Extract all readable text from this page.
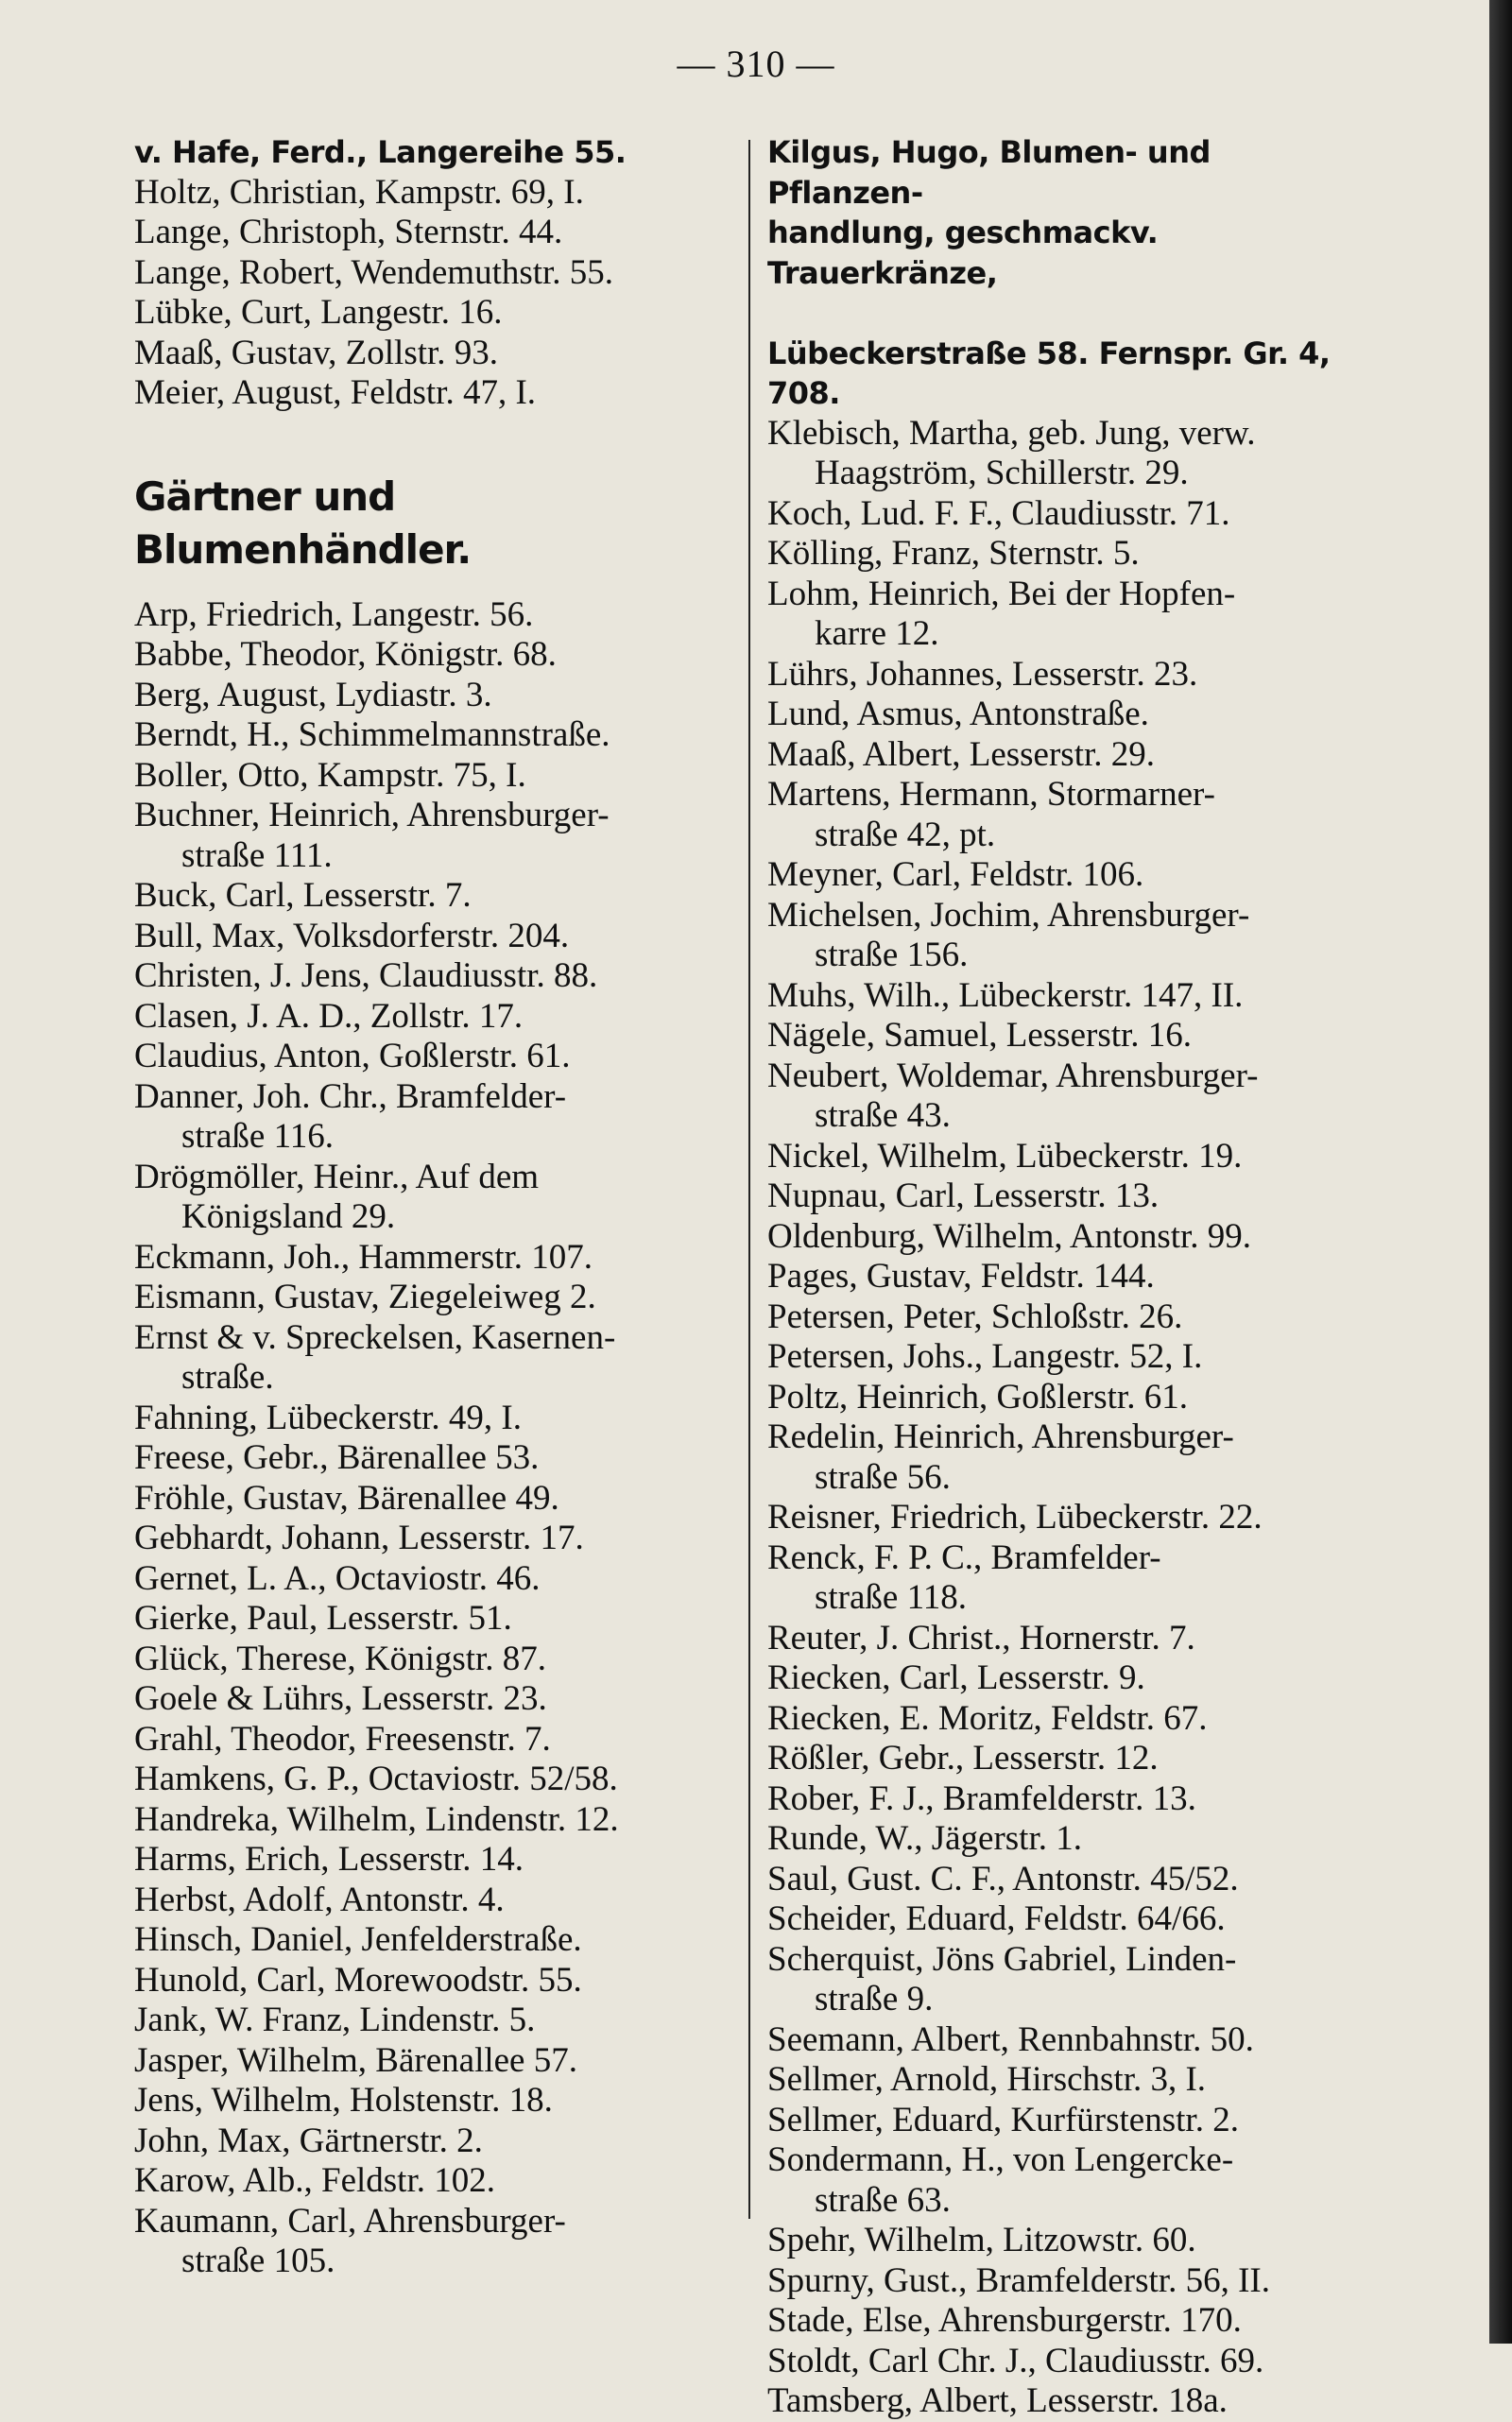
— 310 —
v. Hafe, Ferd., Langereihe 55.
Holtz, Christian, Kampstr. 69, I.
Lange, Christoph, Sternstr. 44.
Lange, Robert, Wendemuthstr. 55.
Lübke, Curt, Langestr. 16.
Maaß, Gustav, Zollstr. 93.
Meier, August, Feldstr. 47, I.
Gärtner und Blumenhändler.
Arp, Friedrich, Langestr. 56.
Babbe, Theodor, Königstr. 68.
Berg, August, Lydiastr. 3.
Berndt, H., Schimmelmannstraße.
Boller, Otto, Kampstr. 75, I.
Buchner, Heinrich, Ahrensburger-
straße 111.
Buck, Carl, Lesserstr. 7.
Bull, Max, Volksdorferstr. 204.
Christen, J. Jens, Claudiusstr. 88.
Clasen, J. A. D., Zollstr. 17.
Claudius, Anton, Goßlerstr. 61.
Danner, Joh. Chr., Bramfelder-
straße 116.
Drögmöller, Heinr., Auf dem
Königsland 29.
Eckmann, Joh., Hammerstr. 107.
Eismann, Gustav, Ziegeleiweg 2.
Ernst & v. Spreckelsen, Kasernen-
straße.
Fahning, Lübeckerstr. 49, I.
Freese, Gebr., Bärenallee 53.
Fröhle, Gustav, Bärenallee 49.
Gebhardt, Johann, Lesserstr. 17.
Gernet, L. A., Octaviostr. 46.
Gierke, Paul, Lesserstr. 51.
Glück, Therese, Königstr. 87.
Goele & Lührs, Lesserstr. 23.
Grahl, Theodor, Freesenstr. 7.
Hamkens, G. P., Octaviostr. 52/58.
Handreka, Wilhelm, Lindenstr. 12.
Harms, Erich, Lesserstr. 14.
Herbst, Adolf, Antonstr. 4.
Hinsch, Daniel, Jenfelderstraße.
Hunold, Carl, Morewoodstr. 55.
Jank, W. Franz, Lindenstr. 5.
Jasper, Wilhelm, Bärenallee 57.
Jens, Wilhelm, Holstenstr. 18.
John, Max, Gärtnerstr. 2.
Karow, Alb., Feldstr. 102.
Kaumann, Carl, Ahrensburger-
straße 105.
Kilgus, Hugo, Blumen- und Pflanzen-

handlung, geschmackv. Trauerkränze,

Lübeckerstraße 58. Fernspr. Gr. 4, 708.
Klebisch, Martha, geb. Jung, verw.
Haagström, Schillerstr. 29.
Koch, Lud. F. F., Claudiusstr. 71.
Kölling, Franz, Sternstr. 5.
Lohm, Heinrich, Bei der Hopfen-
karre 12.
Lührs, Johannes, Lesserstr. 23.
Lund, Asmus, Antonstraße.
Maaß, Albert, Lesserstr. 29.
Martens, Hermann, Stormarner-
straße 42, pt.
Meyner, Carl, Feldstr. 106.
Michelsen, Jochim, Ahrensburger-
straße 156.
Muhs, Wilh., Lübeckerstr. 147, II.
Nägele, Samuel, Lesserstr. 16.
Neubert, Woldemar, Ahrensburger-
straße 43.
Nickel, Wilhelm, Lübeckerstr. 19.
Nupnau, Carl, Lesserstr. 13.
Oldenburg, Wilhelm, Antonstr. 99.
Pages, Gustav, Feldstr. 144.
Petersen, Peter, Schloßstr. 26.
Petersen, Johs., Langestr. 52, I.
Poltz, Heinrich, Goßlerstr. 61.
Redelin, Heinrich, Ahrensburger-
straße 56.
Reisner, Friedrich, Lübeckerstr. 22.
Renck, F. P. C., Bramfelder-
straße 118.
Reuter, J. Christ., Hornerstr. 7.
Riecken, Carl, Lesserstr. 9.
Riecken, E. Moritz, Feldstr. 67.
Rößler, Gebr., Lesserstr. 12.
Rober, F. J., Bramfelderstr. 13.
Runde, W., Jägerstr. 1.
Saul, Gust. C. F., Antonstr. 45/52.
Scheider, Eduard, Feldstr. 64/66.
Scherquist, Jöns Gabriel, Linden-
straße 9.
Seemann, Albert, Rennbahnstr. 50.
Sellmer, Arnold, Hirschstr. 3, I.
Sellmer, Eduard, Kurfürstenstr. 2.
Sondermann, H., von Lengercke-
straße 63.
Spehr, Wilhelm, Litzowstr. 60.
Spurny, Gust., Bramfelderstr. 56, II.
Stade, Else, Ahrensburgerstr. 170.
Stoldt, Carl Chr. J., Claudiusstr. 69.
Tamsberg, Albert, Lesserstr. 18a.
